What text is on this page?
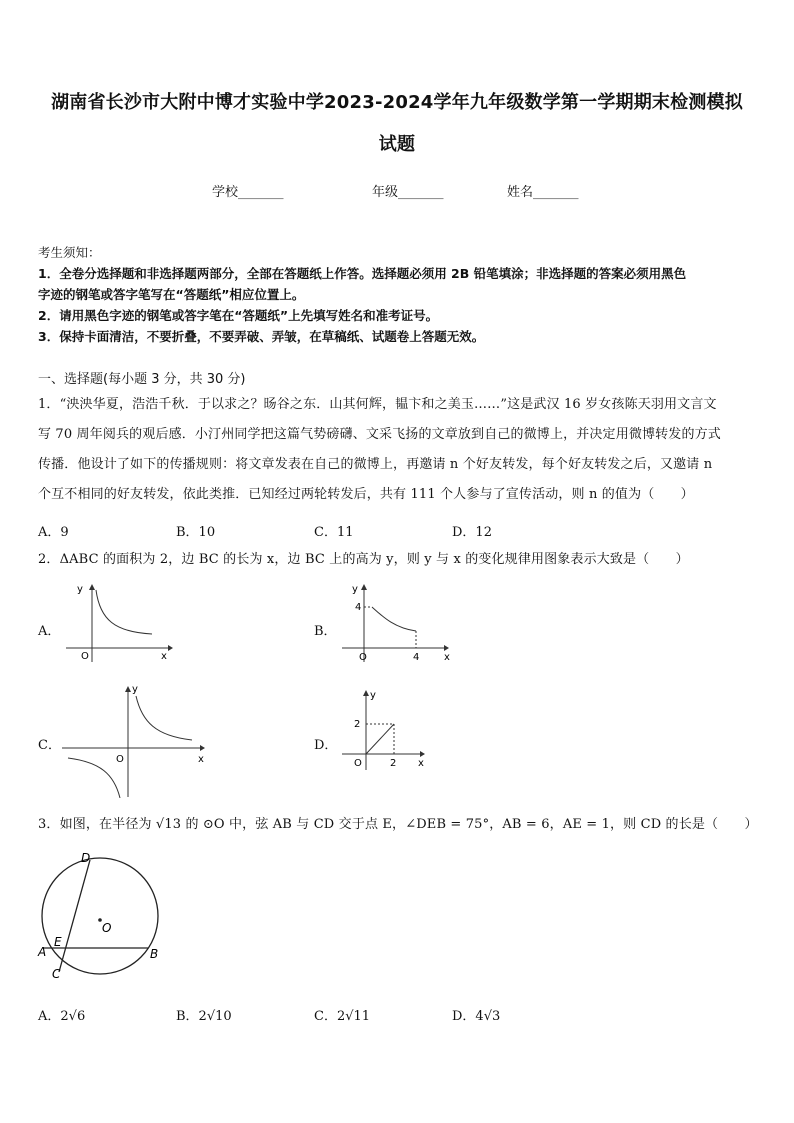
湖南省长沙市大附中博才实验中学2023-2024学年九年级数学第一学期期末检测模拟
试题
学校_______	年级_______	姓名_______
考生须知：
1．全卷分选择题和非选择题两部分，全部在答题纸上作答。选择题必须用 2B 铅笔填涂；非选择题的答案必须用黑色
字迹的钢笔或答字笔写在“答题纸”相应位置上。
2．请用黑色字迹的钢笔或答字笔在“答题纸”上先填写姓名和准考证号。
3．保持卡面清洁，不要折叠，不要弄破、弄皱，在草稿纸、试题卷上答题无效。
一、选择题(每小题 3 分，共 30 分)
1．“泱泱华夏，浩浩千秋．于以求之？旸谷之东．山其何辉，韫卞和之美玉……”这是武汉 16 岁女孩陈天羽用文言文
写 70 周年阅兵的观后感．小汀州同学把这篇气势磅礴、文采飞扬的文章放到自己的微博上，并决定用微博转发的方式
传播．他设计了如下的传播规则：将文章发表在自己的微博上，再邀请 n 个好友转发，每个好友转发之后，又邀请 n
个互不相同的好友转发，依此类推．已知经过两轮转发后，共有 111 个人参与了宣传活动，则 n 的值为（　　）
A．9	B．10	C．11	D．12
2．ΔABC 的面积为 2，边 BC 的长为 x，边 BC 上的高为 y，则 y 与 x 的变化规律用图象表示大致是（　　）
A．	B．
C．	D．
y
x
O
y
4
x
O	4
y
x
O
y
2
x
O	2
3．如图，在半径为 √13 的 ⊙O 中，弦 AB 与 CD 交于点 E，∠DEB = 75°，AB = 6，AE = 1，则 CD 的长是（　　）
D
O
E
A
C
B
A．2√6	B．2√10	C．2√11	D．4√3
